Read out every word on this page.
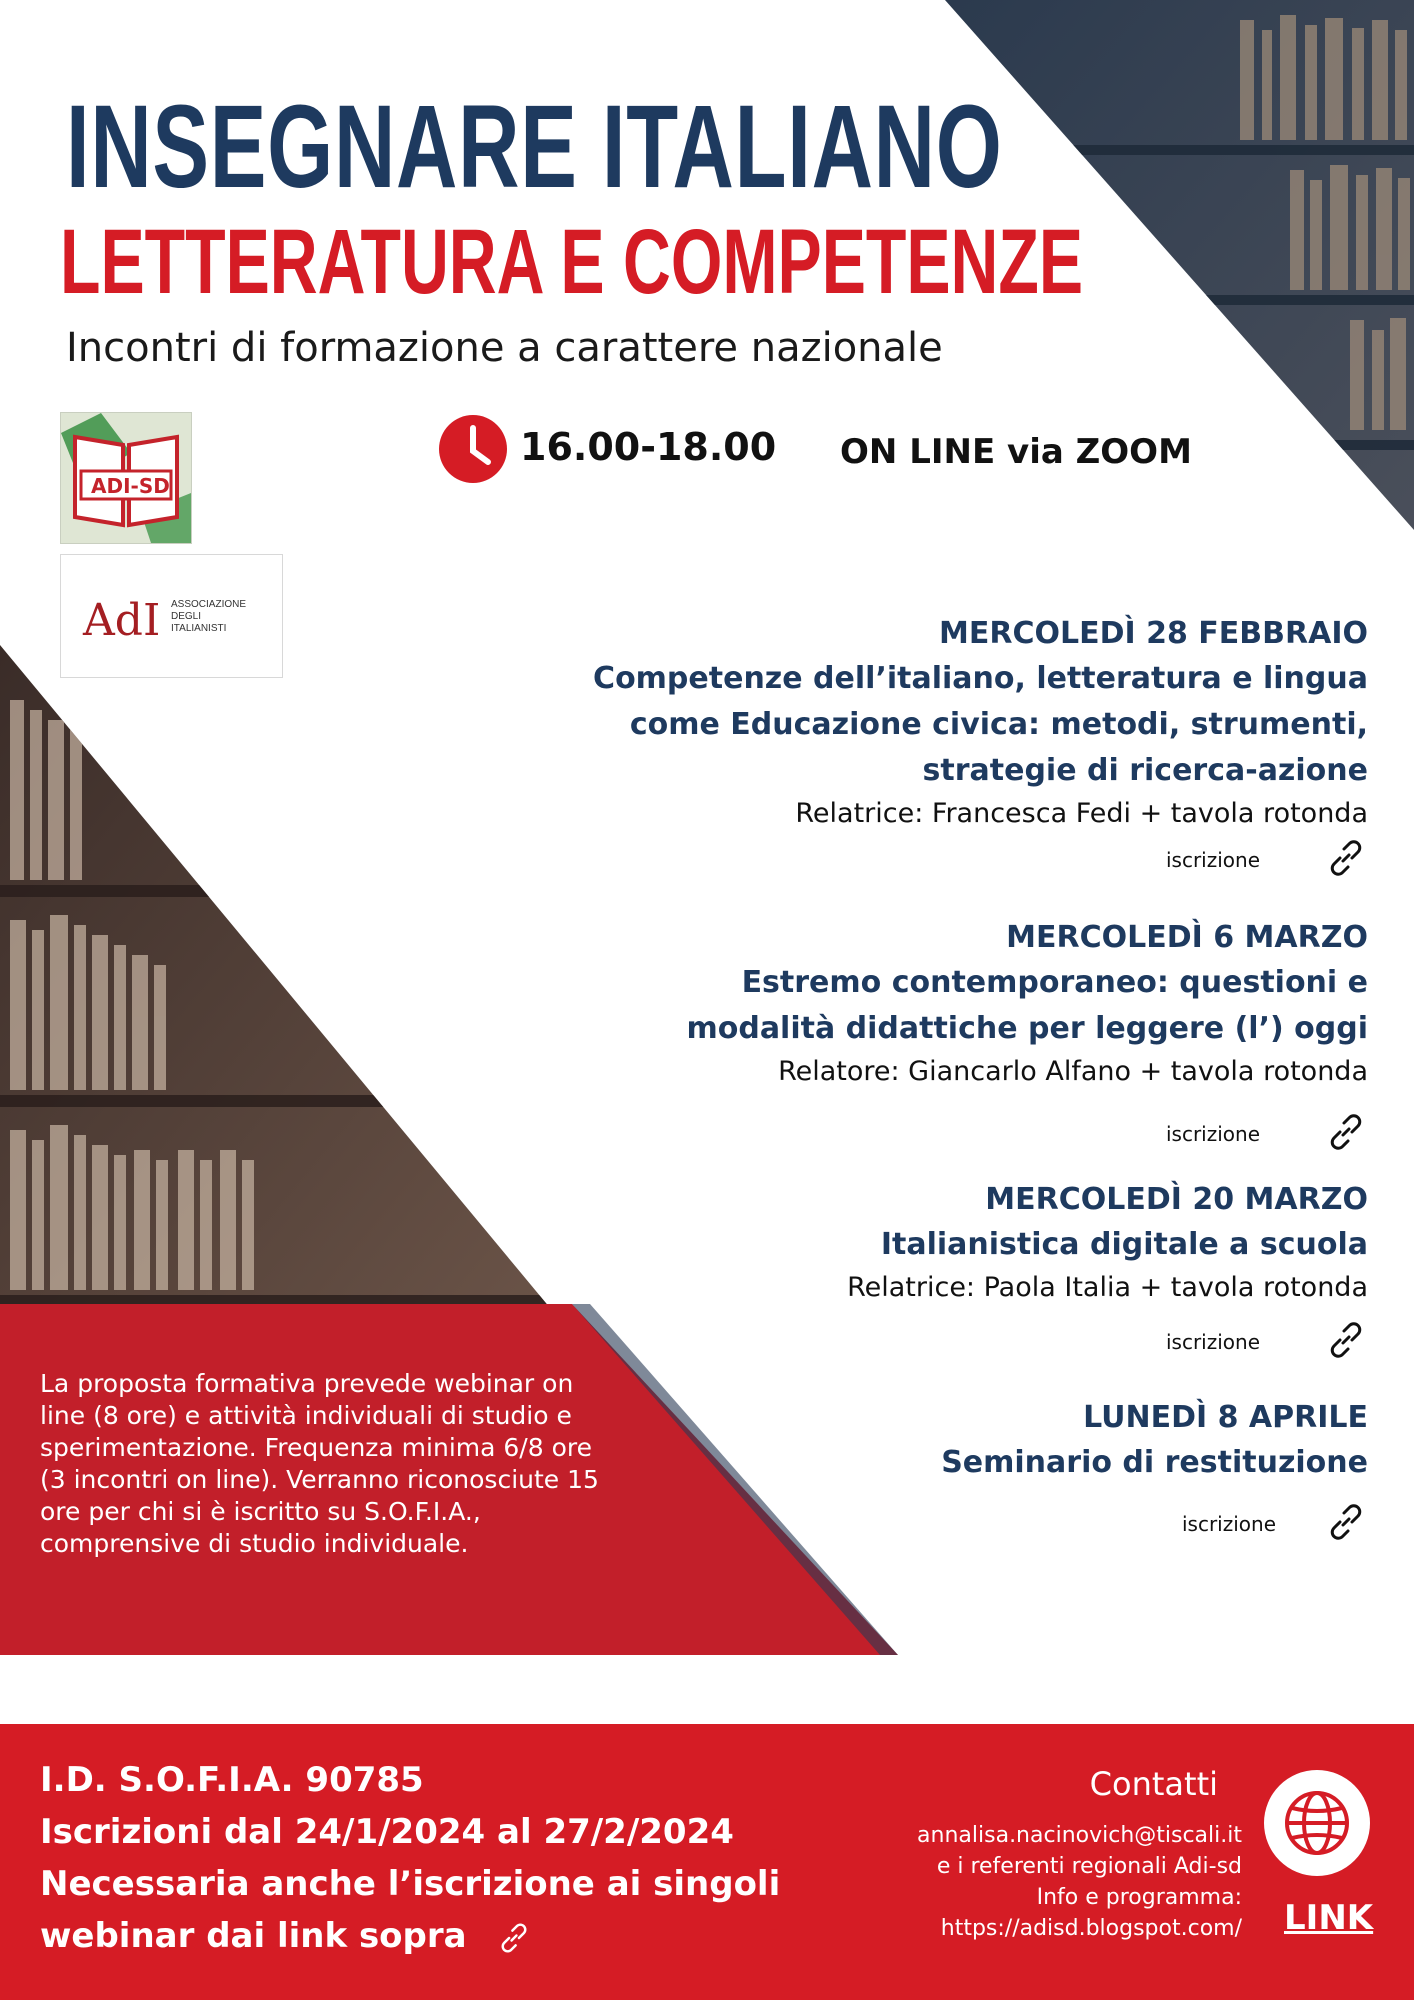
INSEGNARE ITALIANO
LETTERATURA E COMPETENZE
Incontri di formazione a carattere nazionale
ADI-SD
AdI ASSOCIAZIONE
DEGLI
ITALIANISTI
16.00-18.00 ON LINE via ZOOM
MERCOLEDÌ 28 FEBBRAIO
Competenze dell’italiano, letteratura e lingua
come Educazione civica: metodi, strumenti,
strategie di ricerca-azione
Relatrice: Francesca Fedi + tavola rotonda
iscrizione
MERCOLEDÌ 6 MARZO
Estremo contemporaneo: questioni e
modalità didattiche per leggere (l’) oggi
Relatore: Giancarlo Alfano + tavola rotonda
iscrizione
MERCOLEDÌ 20 MARZO
Italianistica digitale a scuola
Relatrice: Paola Italia + tavola rotonda
iscrizione
LUNEDÌ 8 APRILE
Seminario di restituzione
iscrizione
La proposta formativa prevede webinar on line (8 ore) e attività individuali di studio e sperimentazione. Frequenza minima 6/8 ore (3 incontri on line). Verranno riconosciute 15 ore per chi si è iscritto su S.O.F.I.A., comprensive di studio individuale.
I.D. S.O.F.I.A. 90785
Iscrizioni dal 24/1/2024 al 27/2/2024
Necessaria anche l’iscrizione ai singoli
webinar dai link sopra
Contatti
annalisa.nacinovich@tiscali.it
e i referenti regionali Adi-sd
Info e programma:
https://adisd.blogspot.com/ LINK
